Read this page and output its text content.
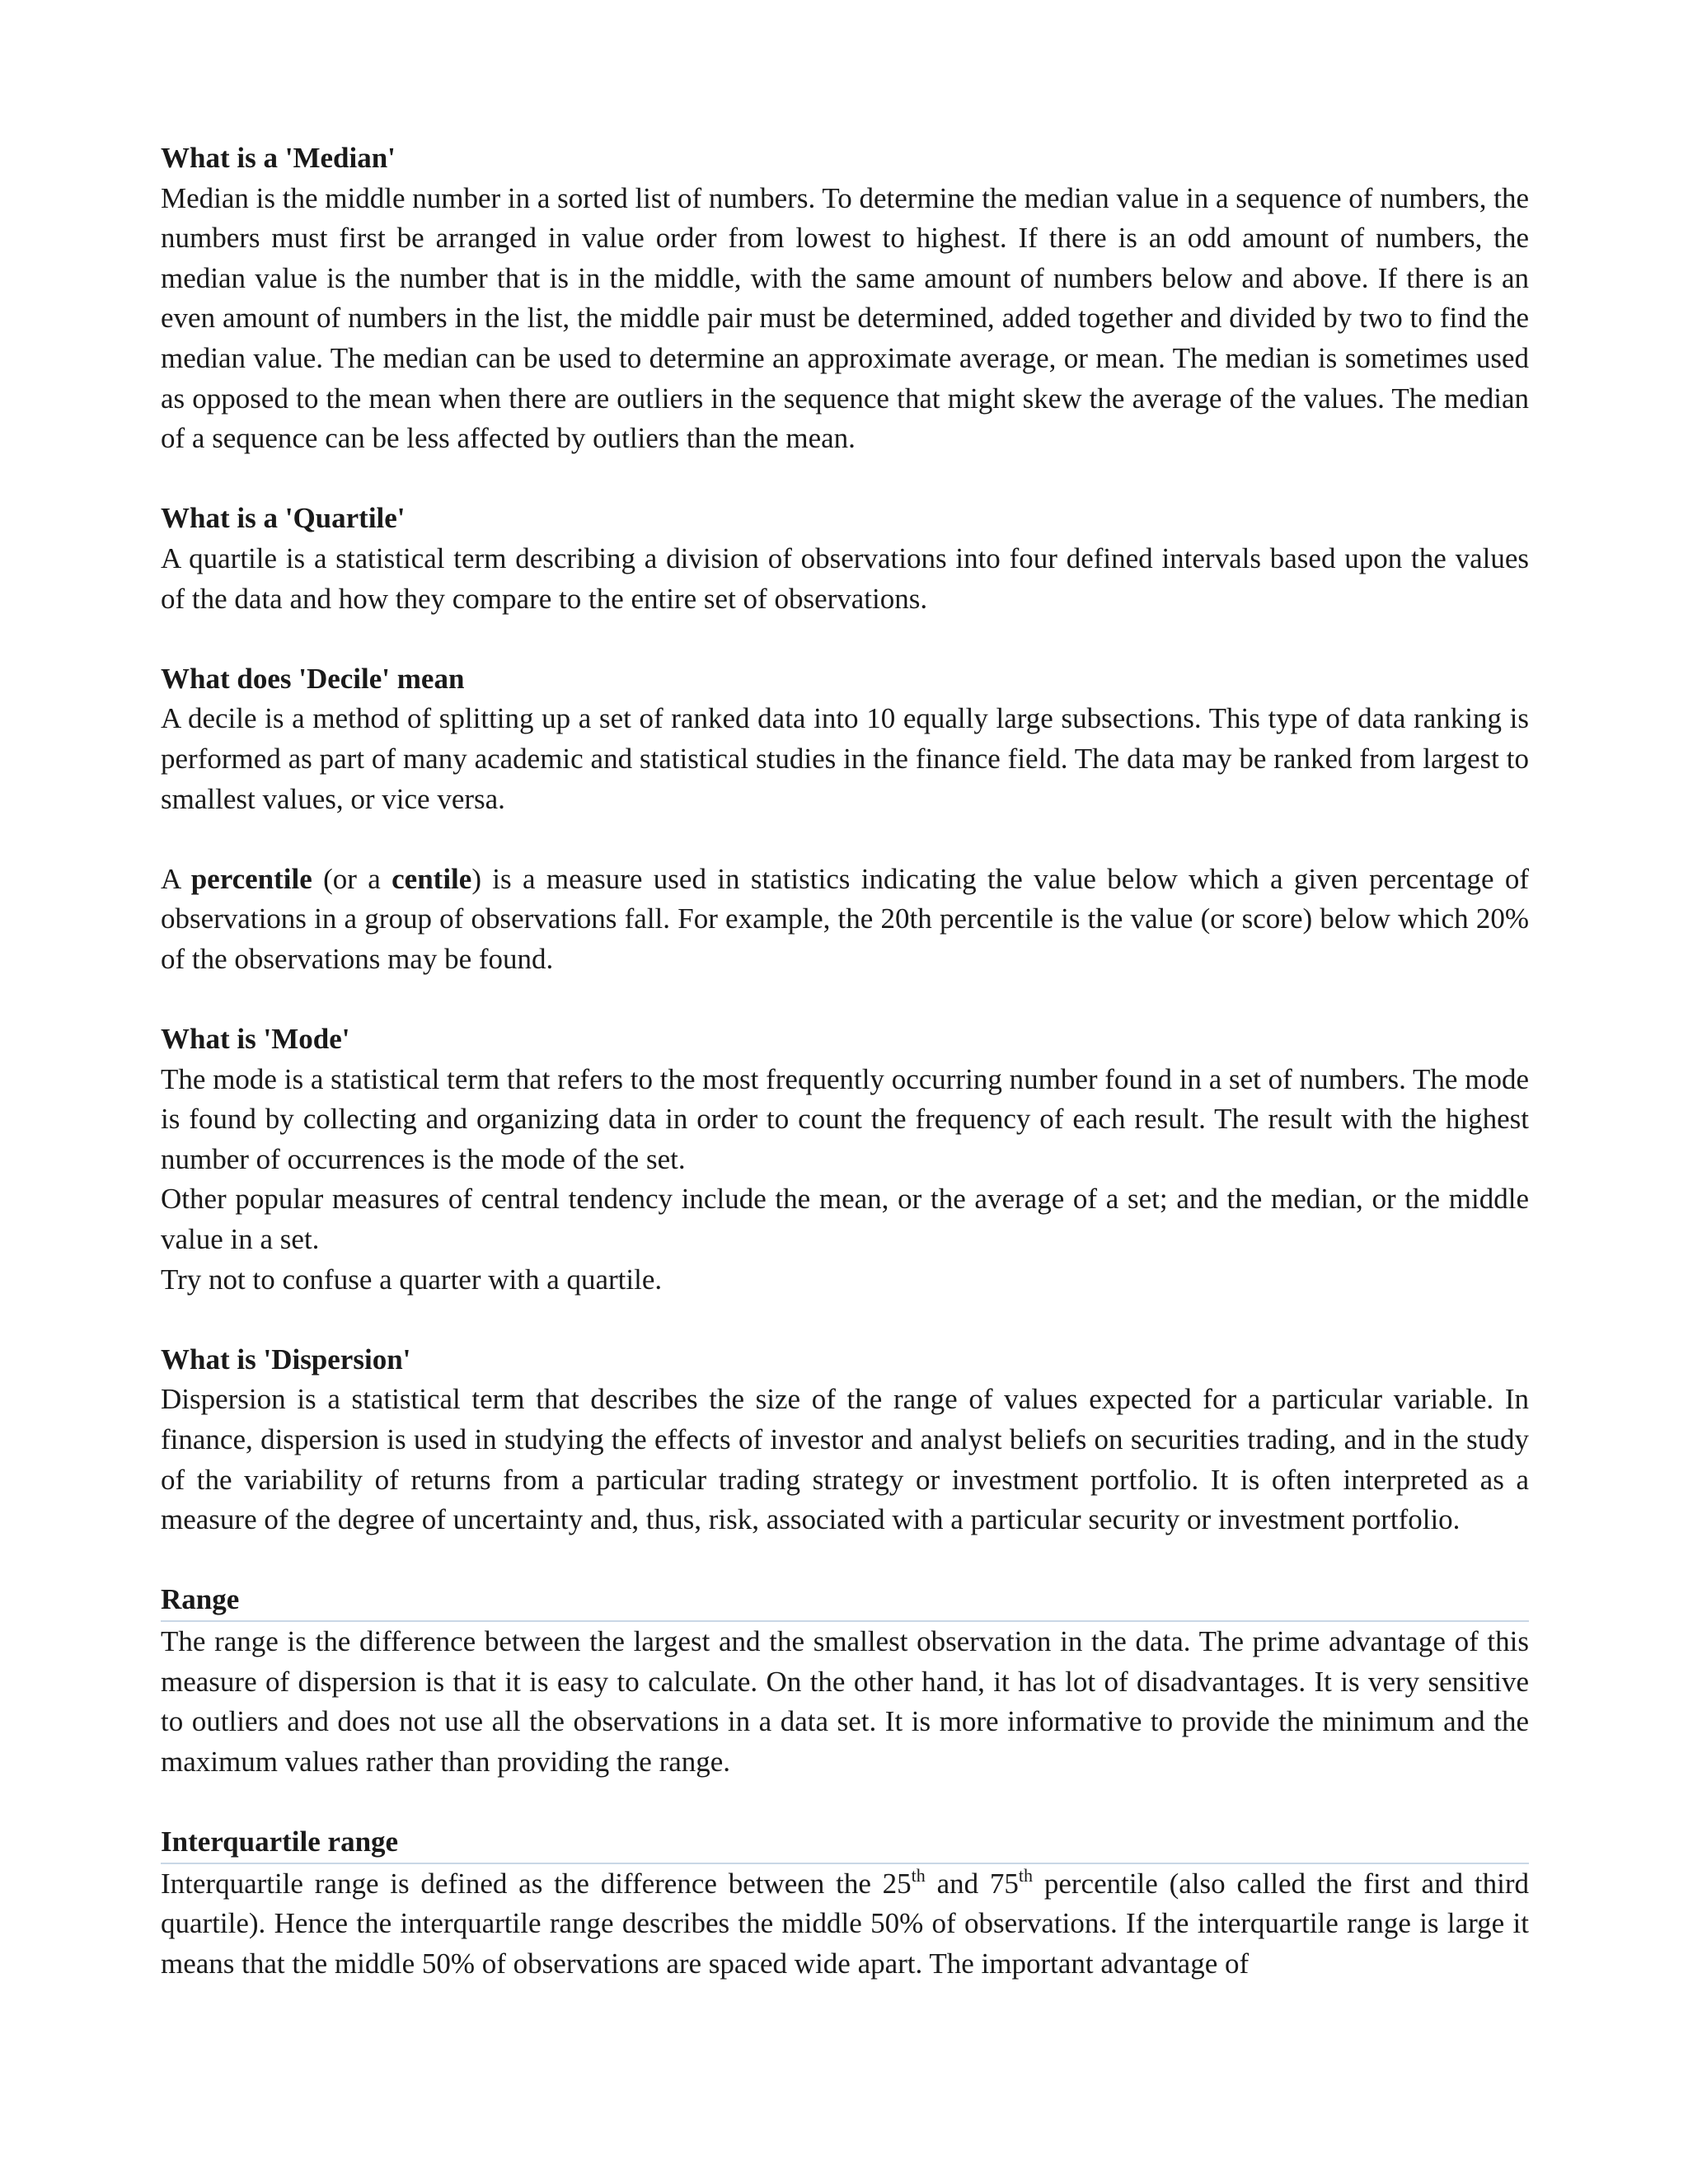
What is a 'Median'

Median is the middle number in a sorted list of numbers. To determine the median value in a sequence of numbers, the numbers must first be arranged in value order from lowest to highest. If there is an odd amount of numbers, the median value is the number that is in the middle, with the same amount of numbers below and above. If there is an even amount of numbers in the list, the middle pair must be determined, added together and divided by two to find the median value. The median can be used to determine an approximate average, or mean. The median is sometimes used as opposed to the mean when there are outliers in the sequence that might skew the average of the values. The median of a sequence can be less affected by outliers than the mean.

What is a 'Quartile'

A quartile is a statistical term describing a division of observations into four defined intervals based upon the values of the data and how they compare to the entire set of observations.

What does 'Decile' mean

A decile is a method of splitting up a set of ranked data into 10 equally large subsections. This type of data ranking is performed as part of many academic and statistical studies in the finance field. The data may be ranked from largest to smallest values, or vice versa.

A percentile (or a centile) is a measure used in statistics indicating the value below which a given percentage of observations in a group of observations fall. For example, the 20th percentile is the value (or score) below which 20% of the observations may be found.

What is 'Mode'

The mode is a statistical term that refers to the most frequently occurring number found in a set of numbers. The mode is found by collecting and organizing data in order to count the frequency of each result. The result with the highest number of occurrences is the mode of the set.

Other popular measures of central tendency include the mean, or the average of a set; and the median, or the middle value in a set.

Try not to confuse a quarter with a quartile.

What is 'Dispersion'

Dispersion is a statistical term that describes the size of the range of values expected for a particular variable. In finance, dispersion is used in studying the effects of investor and analyst beliefs on securities trading, and in the study of the variability of returns from a particular trading strategy or investment portfolio. It is often interpreted as a measure of the degree of uncertainty and, thus, risk, associated with a particular security or investment portfolio.

Range

The range is the difference between the largest and the smallest observation in the data. The prime advantage of this measure of dispersion is that it is easy to calculate. On the other hand, it has lot of disadvantages. It is very sensitive to outliers and does not use all the observations in a data set. It is more informative to provide the minimum and the maximum values rather than providing the range.

Interquartile range

Interquartile range is defined as the difference between the 25th and 75th percentile (also called the first and third quartile). Hence the interquartile range describes the middle 50% of observations. If the interquartile range is large it means that the middle 50% of observations are spaced wide apart. The important advantage of
